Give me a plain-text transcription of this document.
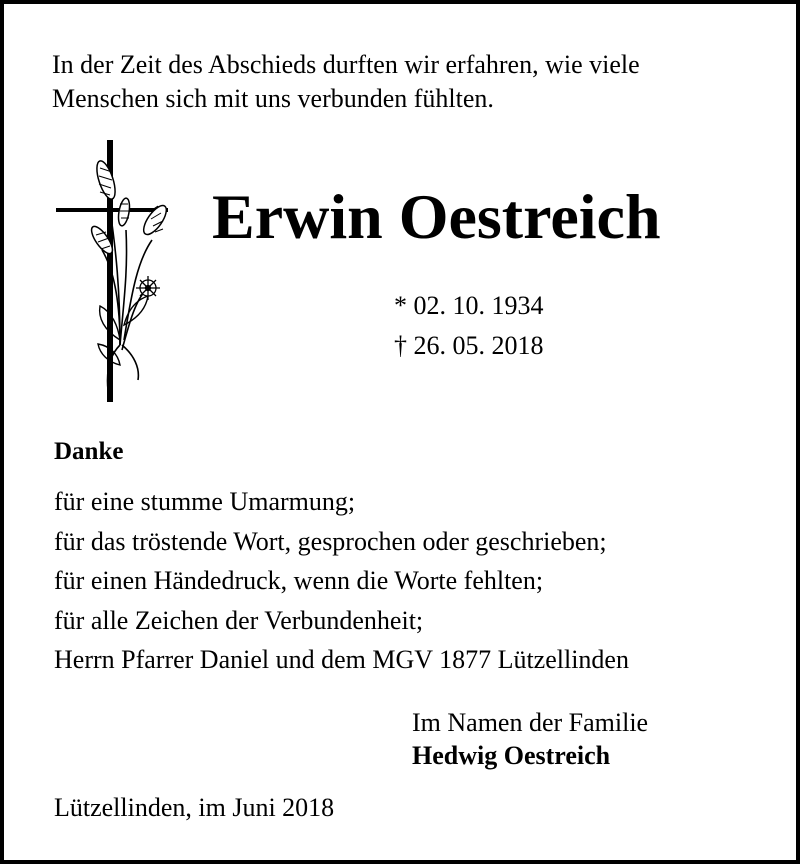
In der Zeit des Abschieds durften wir erfahren, wie viele
Menschen sich mit uns verbunden fühlten.
Erwin Oestreich
* 02. 10. 1934
† 26. 05. 2018
Danke
für eine stumme Umarmung;
für das tröstende Wort, gesprochen oder geschrieben;
für einen Händedruck, wenn die Worte fehlten;
für alle Zeichen der Verbundenheit;
Herrn Pfarrer Daniel und dem MGV 1877 Lützellinden
Im Namen der Familie
Hedwig Oestreich
Lützellinden, im Juni 2018
